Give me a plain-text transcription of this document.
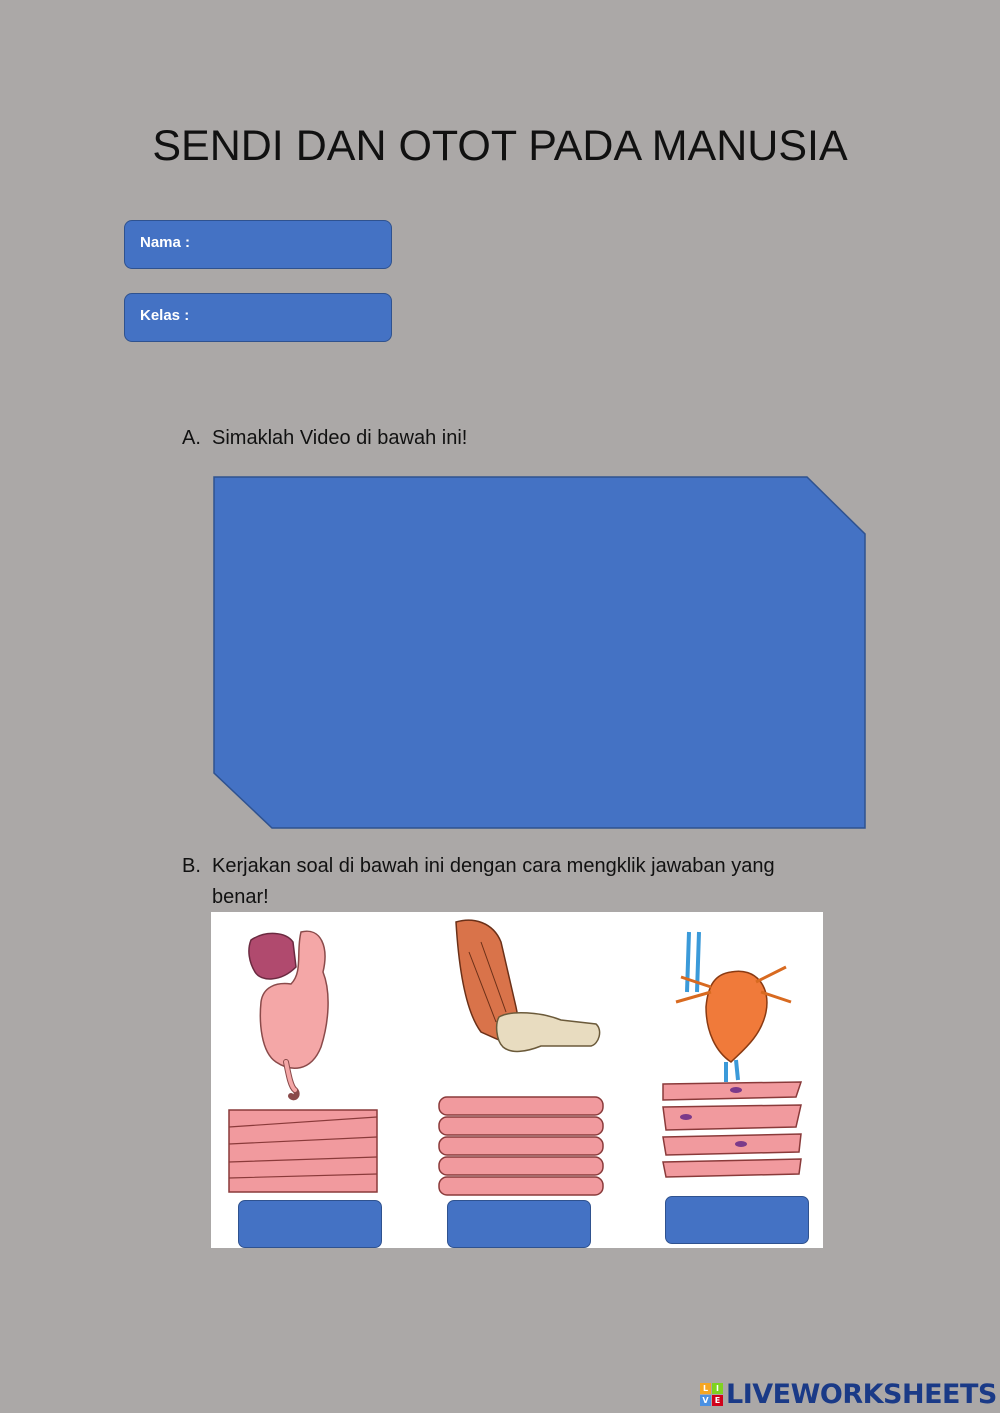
SENDI DAN OTOT PADA MANUSIA
Nama :
Kelas :
A. Simaklah Video di bawah ini!
B. Kerjakan soal di bawah ini dengan cara mengklik jawaban yang
benar!
L I
V E LIVEWORKSHEETS
